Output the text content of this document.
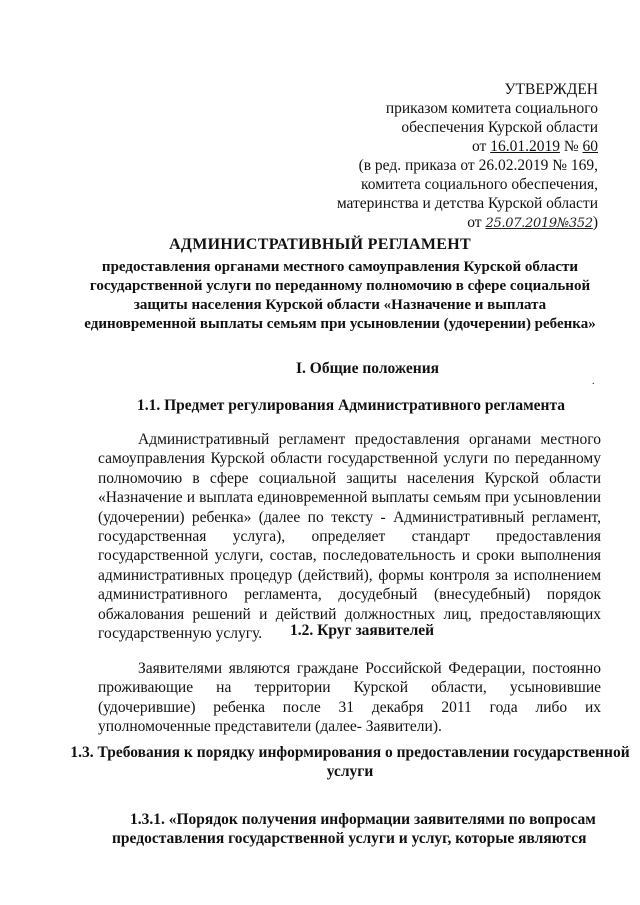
УТВЕРЖДЕН
приказом комитета социального
обеспечения Курской области
от 16.01.2019 № 60
(в ред. приказа от 26.02.2019 № 169,
комитета социального обеспечения,
материнства и детства Курской области
от 25.07.2019№352)
АДМИНИСТРАТИВНЫЙ РЕГЛАМЕНТ
предоставления органами местного самоуправления Курской области государственной услуги по переданному полномочию в сфере социальной защиты населения Курской области «Назначение и выплата единовременной выплаты семьям при усыновлении (удочерении) ребенка»
I. Общие положения
.
1.1. Предмет регулирования Административного регламента
Административный регламент предоставления органами местного самоуправления Курской области государственной услуги по переданному полномочию в сфере социальной защиты населения Курской области «Назначение и выплата единовременной выплаты семьям при усыновлении (удочерении) ребенка» (далее по тексту - Административный регламент, государственная услуга), определяет стандарт предоставления государственной услуги, состав, последовательность и сроки выполнения административных процедур (действий), формы контроля за исполнением административного регламента, досудебный (внесудебный) порядок обжалования решений и действий должностных лиц, предоставляющих государственную услугу.	1.2. Круг заявителей
Заявителями являются граждане Российской Федерации, постоянно проживающие на территории Курской области, усыновившие (удочерившие) ребенка после 31 декабря 2011 года либо их уполномоченные представители (далее- Заявители).
1.3. Требования к порядку информирования о предоставлении государственной услуги
1.3.1. «Порядок получения информации заявителями по вопросам предоставления государственной услуги и услуг, которые являются
